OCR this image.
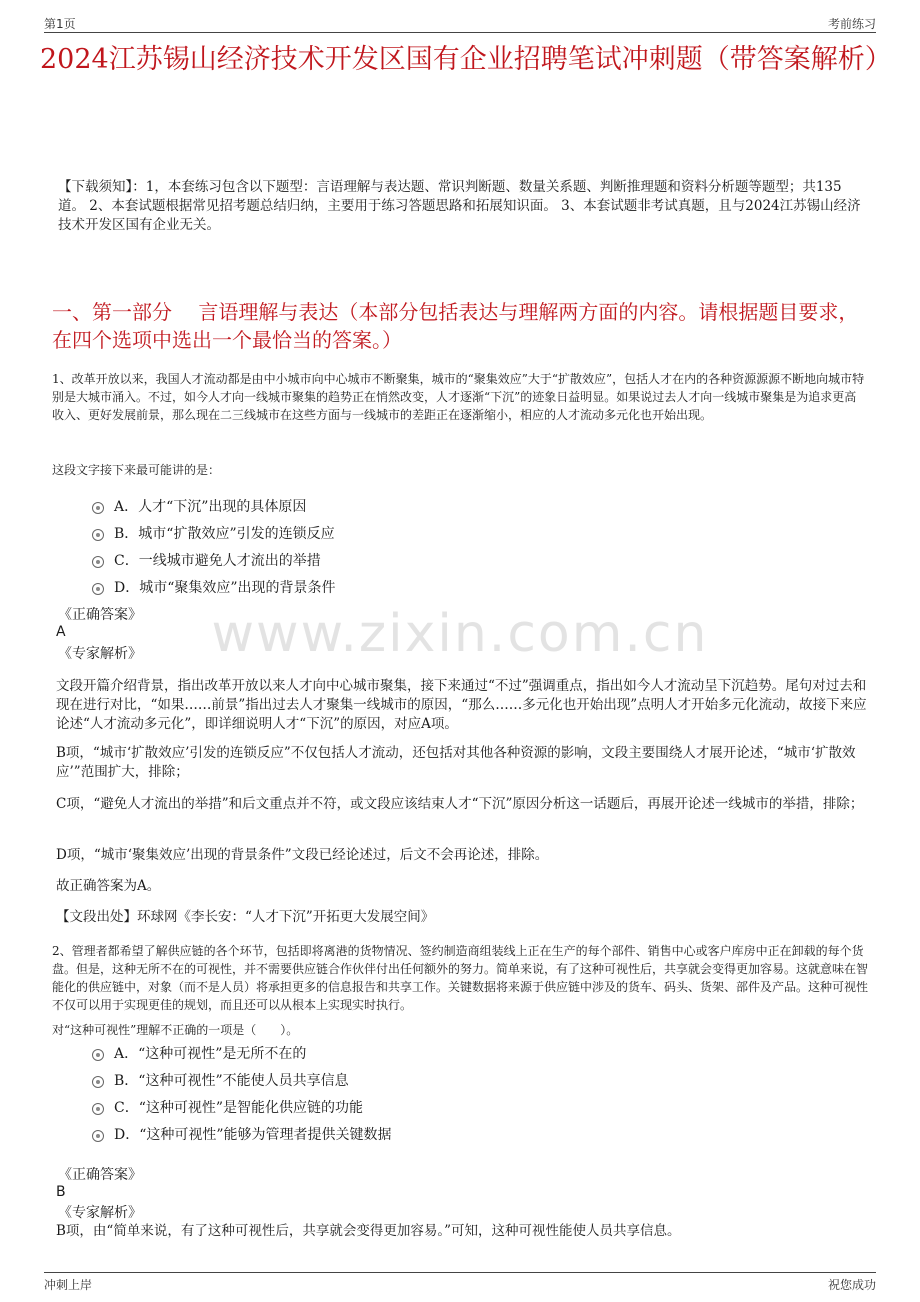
第1页	考前练习
2024江苏锡山经济技术开发区国有企业招聘笔试冲刺题（带答案解析）
【下载须知】：1，本套练习包含以下题型：言语理解与表达题、常识判断题、数量关系题、判断推理题和资料分析题等题型；共135道。 2、本套试题根据常见招考题总结归纳，主要用于练习答题思路和拓展知识面。 3、本套试题非考试真题，且与2024江苏锡山经济技术开发区国有企业无关。
一、第一部分　 言语理解与表达（本部分包括表达与理解两方面的内容。请根据题目要求，在四个选项中选出一个最恰当的答案。）
1、改革开放以来，我国人才流动都是由中小城市向中心城市不断聚集，城市的“聚集效应”大于“扩散效应”，包括人才在内的各种资源源源不断地向城市特别是大城市涌入。不过，如今人才向一线城市聚集的趋势正在悄然改变，人才逐渐“下沉”的迹象日益明显。如果说过去人才向一线城市聚集是为追求更高收入、更好发展前景，那么现在二三线城市在这些方面与一线城市的差距正在逐渐缩小，相应的人才流动多元化也开始出现。
这段文字接下来最可能讲的是：
A．人才“下沉”出现的具体原因
B．城市“扩散效应”引发的连锁反应
C．一线城市避免人才流出的举措
D．城市“聚集效应”出现的背景条件
《正确答案》
A
《专家解析》	www.zixin.com.cn
文段开篇介绍背景，指出改革开放以来人才向中心城市聚集，接下来通过“不过”强调重点，指出如今人才流动呈下沉趋势。尾句对过去和现在进行对比，“如果……前景”指出过去人才聚集一线城市的原因，“那么……多元化也开始出现”点明人才开始多元化流动，故接下来应论述“人才流动多元化”，即详细说明人才“下沉”的原因，对应A项。
B项，“城市‘扩散效应’引发的连锁反应”不仅包括人才流动，还包括对其他各种资源的影响，文段主要围绕人才展开论述，“城市‘扩散效应’”范围扩大，排除；
C项，“避免人才流出的举措”和后文重点并不符，或文段应该结束人才“下沉”原因分析这一话题后，再展开论述一线城市的举措，排除；
D项，“城市‘聚集效应’出现的背景条件”文段已经论述过，后文不会再论述，排除。
故正确答案为A。
【文段出处】环球网《李长安：“人才下沉”开拓更大发展空间》
2、管理者都希望了解供应链的各个环节，包括即将离港的货物情况、签约制造商组装线上正在生产的每个部件、销售中心或客户库房中正在卸载的每个货盘。但是，这种无所不在的可视性，并不需要供应链合作伙伴付出任何额外的努力。简单来说，有了这种可视性后，共享就会变得更加容易。这就意味在智能化的供应链中，对象（而不是人员）将承担更多的信息报告和共享工作。关键数据将来源于供应链中涉及的货车、码头、货架、部件及产品。这种可视性不仅可以用于实现更佳的规划，而且还可以从根本上实现实时执行。
对“这种可视性”理解不正确的一项是（　　）。
A．“这种可视性”是无所不在的
B．“这种可视性”不能使人员共享信息
C．“这种可视性”是智能化供应链的功能
D．“这种可视性”能够为管理者提供关键数据
《正确答案》
B
《专家解析》
B项，由“简单来说，有了这种可视性后，共享就会变得更加容易。”可知，这种可视性能使人员共享信息。
冲刺上岸	祝您成功
